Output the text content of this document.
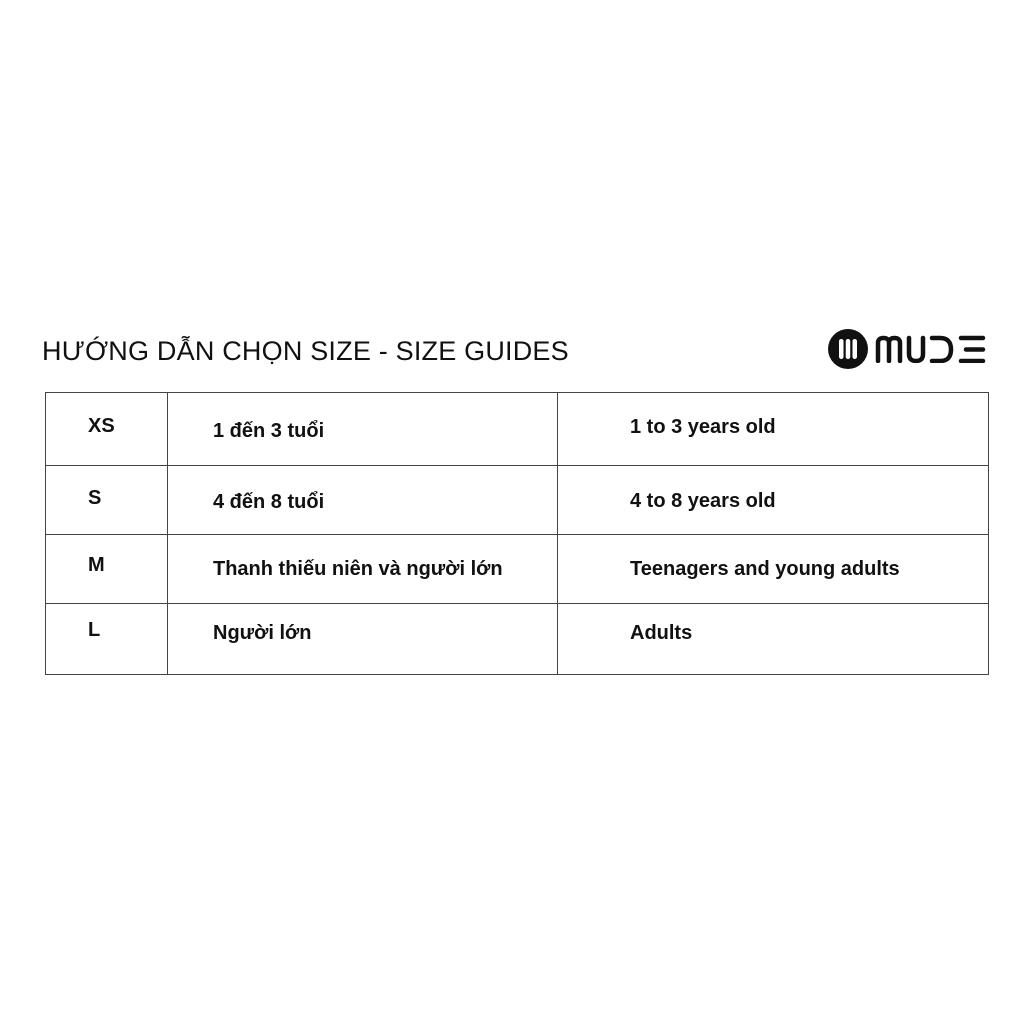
HƯỚNG DẪN CHỌN SIZE - SIZE GUIDES
XS	1 đến 3 tuổi	1 to 3 years old
S	4 đến 8 tuổi	4 to 8 years old
M	Thanh thiếu niên và người lớn	Teenagers and young adults
L	Người lớn	Adults
